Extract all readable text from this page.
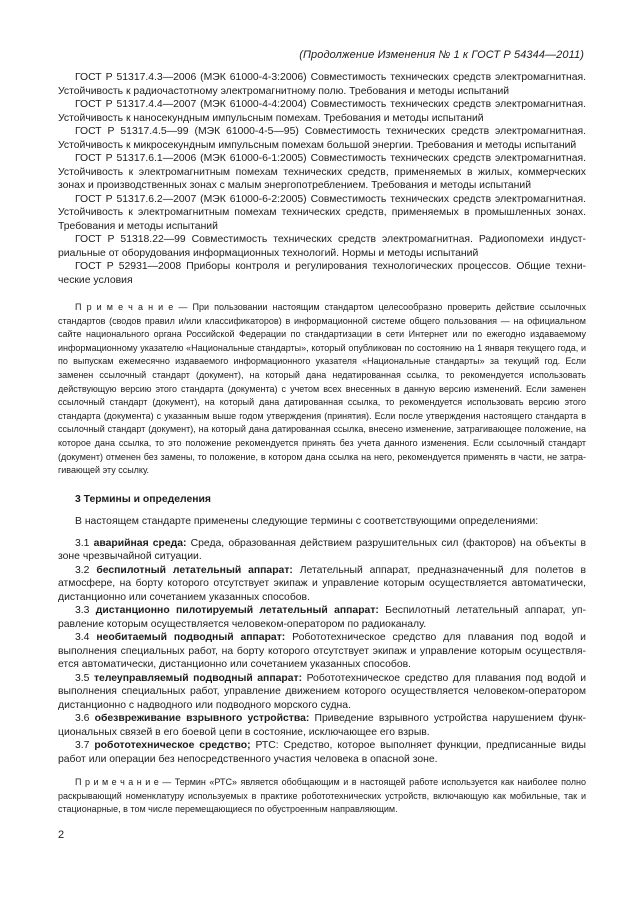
(Продолжение Изменения № 1 к ГОСТ Р 54344—2011)

ГОСТ Р 51317.4.3—2006 (МЭК 61000-4-3:2006) Совместимость технических средств электромагнитная. Устойчивость к радиочастотному электромагнитному полю. Требования и методы испытаний

ГОСТ Р 51317.4.4—2007 (МЭК 61000-4-4:2004) Совместимость технических средств электромагнитная. Устойчивость к наносекундным импульсным помехам. Требования и методы испытаний

ГОСТ Р 51317.4.5—99 (МЭК 61000-4-5—95) Совместимость технических средств электромагнитная. Устойчивость к микросекундным импульсным помехам большой энергии. Требования и методы испытаний

ГОСТ Р 51317.6.1—2006 (МЭК 61000-6-1:2005) Совместимость технических средств электромагнитная. Устойчивость к электромагнитным помехам технических средств, применяемых в жилых, коммерческих зонах и производственных зонах с малым энергопотреблением. Требования и методы испытаний

ГОСТ Р 51317.6.2—2007 (МЭК 61000-6-2:2005) Совместимость технических средств электромагнитная. Устойчивость к электромагнитным помехам технических средств, применяемых в промышленных зонах. Требования и методы испытаний

ГОСТ Р 51318.22—99 Совместимость технических средств электромагнитная. Радиопомехи индустриальные от оборудования информационных технологий. Нормы и методы испытаний

ГОСТ Р 52931—2008 Приборы контроля и регулирования технологических процессов. Общие технические условия

П р и м е ч а н и е — При пользовании настоящим стандартом целесообразно проверить действие ссылочных стандартов (сводов правил и/или классификаторов) в информационной системе общего пользования — на официальном сайте национального органа Российской Федерации по стандартизации в сети Интернет или по ежегодно издаваемому информационному указателю «Национальные стандарты», который опубликован по состоянию на 1 января текущего года, и по выпускам ежемесячно издаваемого информационного указателя «Национальные стандарты» за текущий год. Если заменен ссылочный стандарт (документ), на который дана недатированная ссылка, то рекомендуется использовать действующую версию этого стандарта (документа) с учетом всех внесенных в данную версию изменений. Если заменен ссылочный стандарт (документ), на который дана датированная ссылка, то рекомендуется использовать версию этого стандарта (документа) с указанным выше годом утверждения (принятия). Если после утверждения настоящего стандарта в ссылочный стандарт (документ), на который дана датированная ссылка, внесено изменение, затрагивающее положение, на которое дана ссылка, то это положение рекомендуется принять без учета данного изменения. Если ссылочный стандарт (документ) отменен без замены, то положение, в котором дана ссылка на него, рекомендуется применять в части, не затрагивающей эту ссылку.

3 Термины и определения

В настоящем стандарте применены следующие термины с соответствующими определениями:

3.1 аварийная среда: Среда, образованная действием разрушительных сил (факторов) на объекты в зоне чрезвычайной ситуации.

3.2 беспилотный летательный аппарат: Летательный аппарат, предназначенный для полетов в атмосфере, на борту которого отсутствует экипаж и управление которым осуществляется автоматически, дистанционно или сочетанием указанных способов.

3.3 дистанционно пилотируемый летательный аппарат: Беспилотный летательный аппарат, управление которым осуществляется человеком-оператором по радиоканалу.

3.4 необитаемый подводный аппарат: Робототехническое средство для плавания под водой и выполнения специальных работ, на борту которого отсутствует экипаж и управление которым осуществляется автоматически, дистанционно или сочетанием указанных способов.

3.5 телеуправляемый подводный аппарат: Робототехническое средство для плавания под водой и выполнения специальных работ, управление движением которого осуществляется человеком-оператором дистанционно с надводного или подводного морского судна.

3.6 обезвреживание взрывного устройства: Приведение взрывного устройства нарушением функциональных связей в его боевой цепи в состояние, исключающее его взрыв.

3.7 робототехническое средство; РТС: Средство, которое выполняет функции, предписанные виды работ или операции без непосредственного участия человека в опасной зоне.

П р и м е ч а н и е — Термин «РТС» является обобщающим и в настоящей работе используется как наиболее полно раскрывающий номенклатуру используемых в практике робототехнических устройств, включающую как мобильные, так и стационарные, в том числе перемещающиеся по обустроенным направляющим.

2
